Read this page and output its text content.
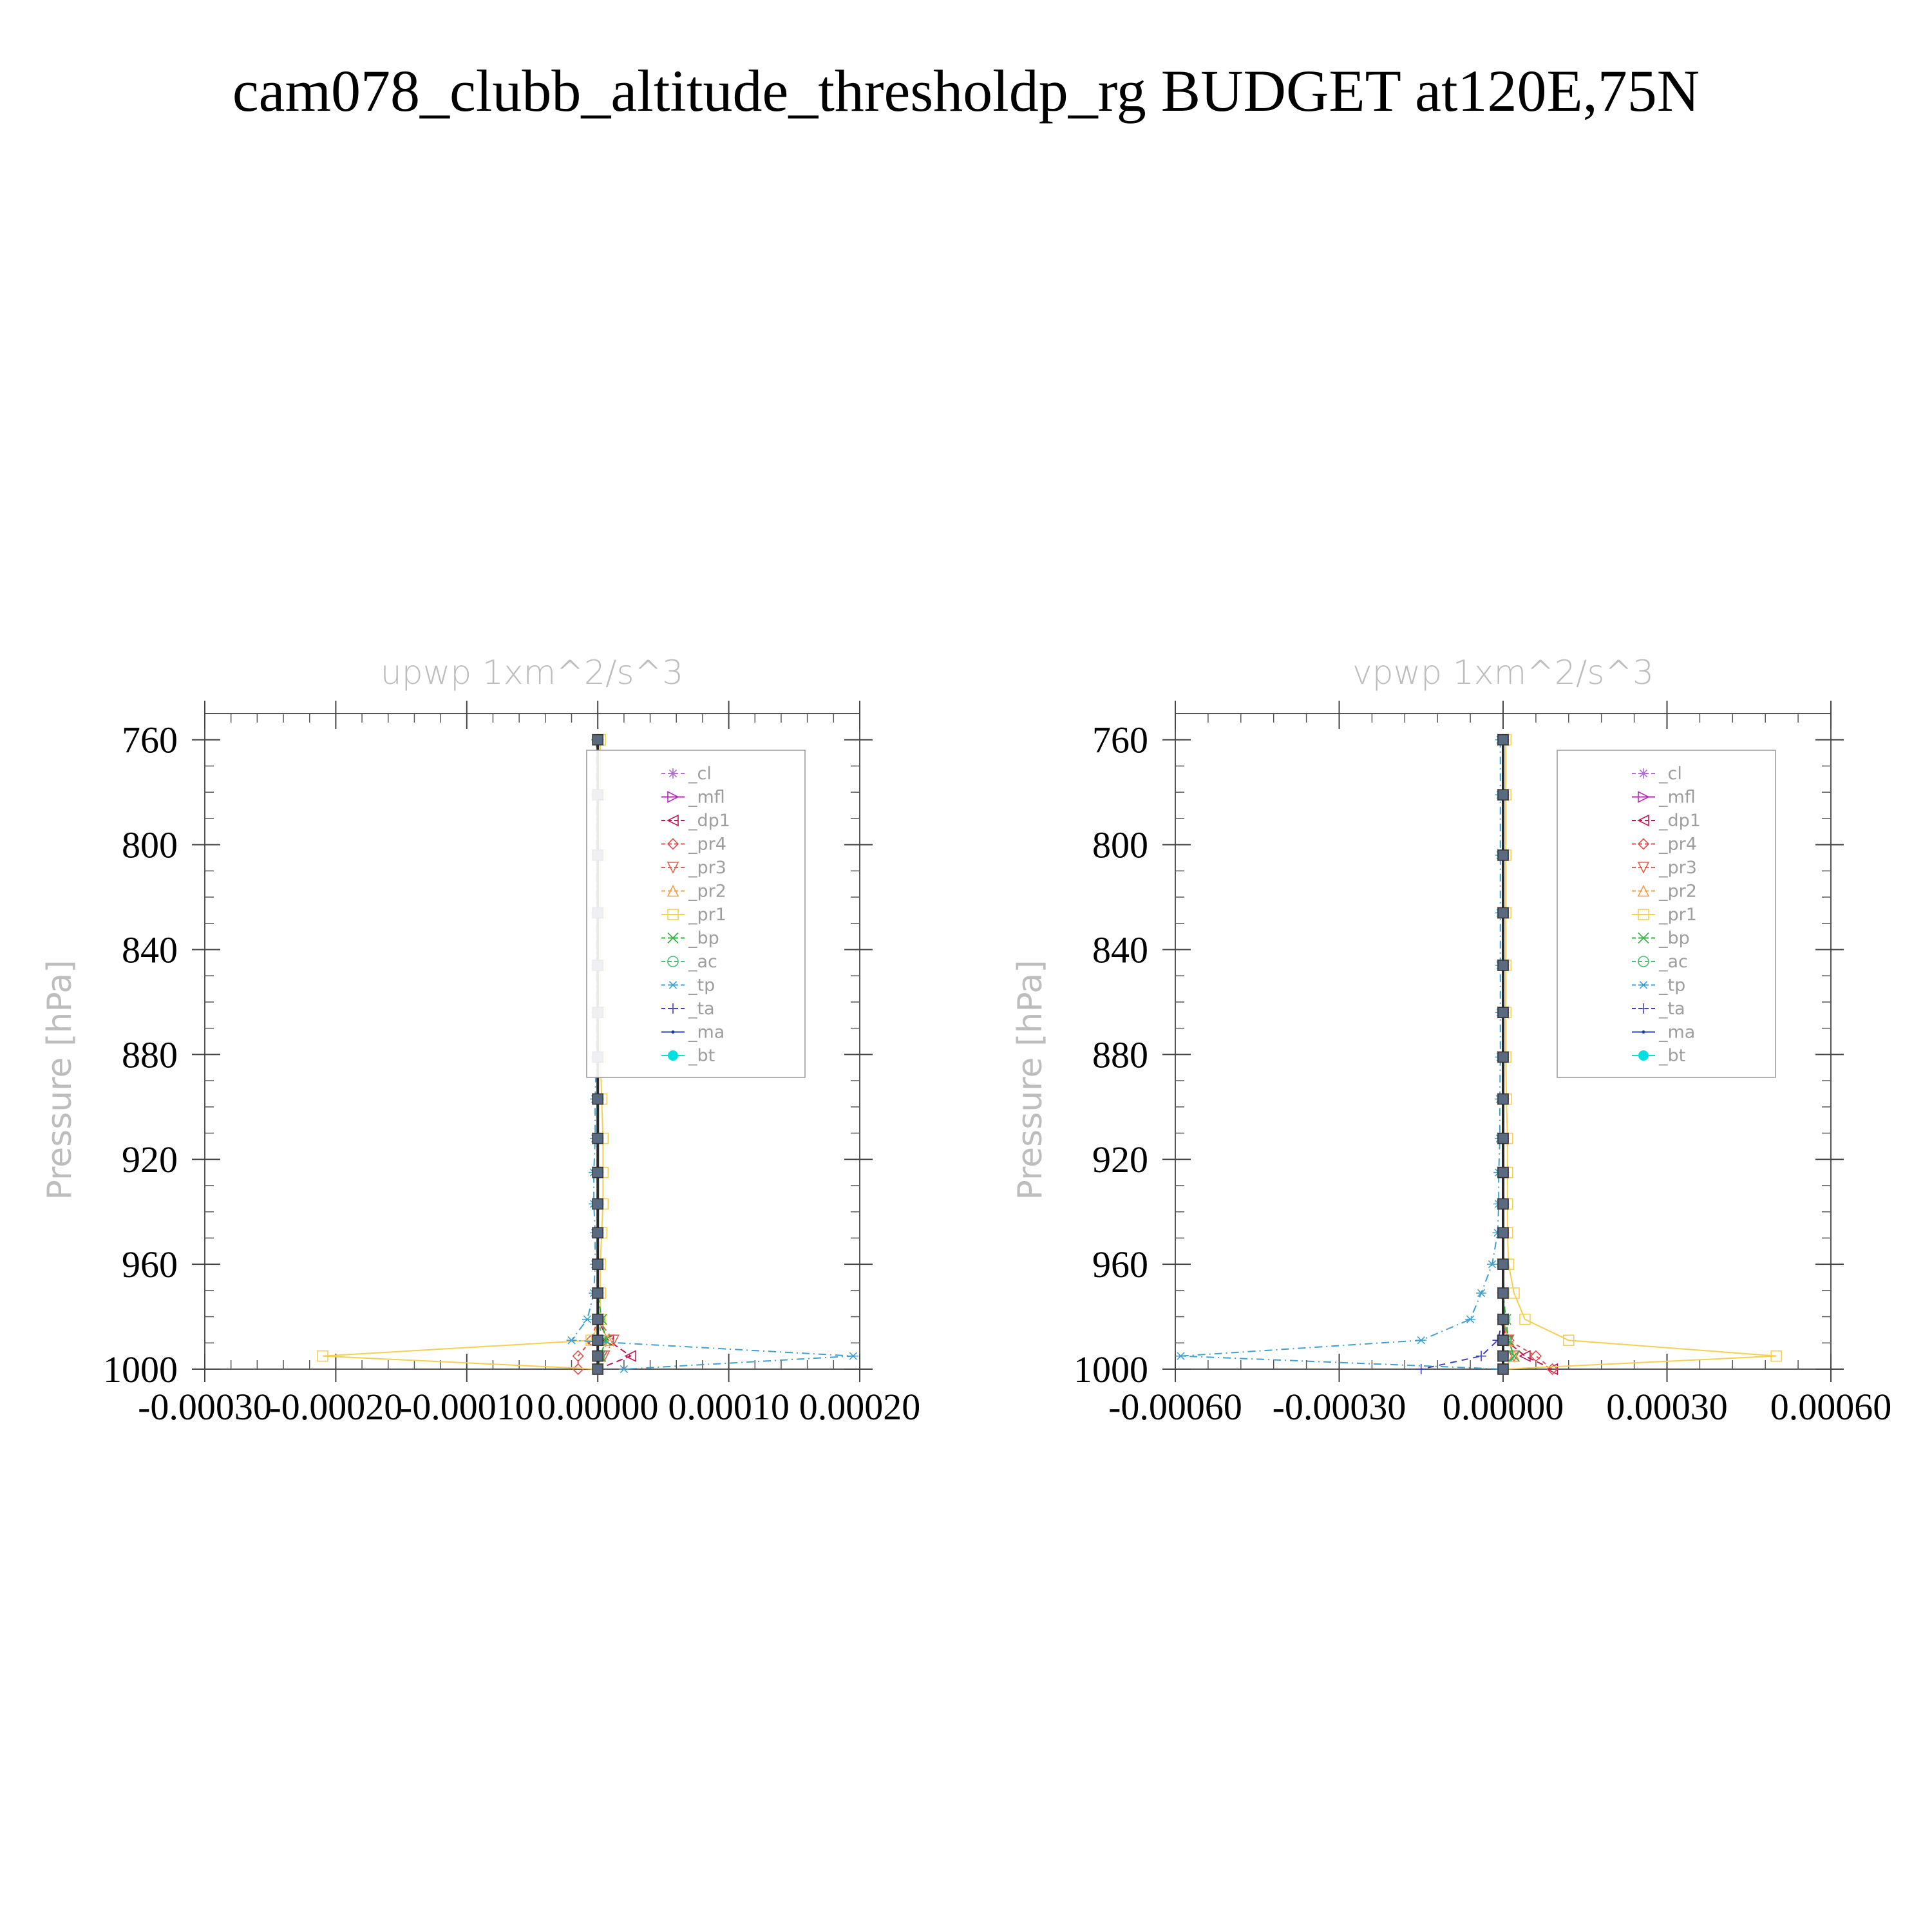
cam078_clubb_altitude_thresholdp_rg BUDGET at120E,75N
upwp 1xm^2/s^3
Pressure [hPa]
760
800
840
880
920
960
1000
-0.00030
-0.00020
-0.00010 0.00000 0.00010 0.00020
_cl
_mfl
_dp1
_pr4
_pr3
_pr2
_pr1
_bp
_ac
_tp
_ta
_ma
_bt
vpwp 1xm^2/s^3
Pressure [hPa]
760
800
840
880
920
960
1000
-0.00060 -0.00030 0.00000 0.00030 0.00060
_cl
_mfl
_dp1
_pr4
_pr3
_pr2
_pr1
_bp
_ac
_tp
_ta
_ma
_bt
